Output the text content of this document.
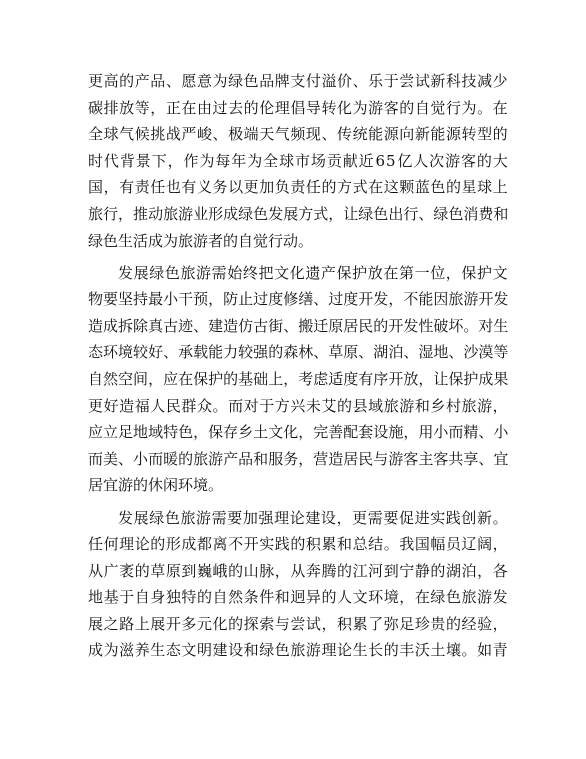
更 高 的 产 品 、 愿 意 为 绿 色 品 牌 支 付 溢 价 、 乐 于 尝 试 新 科 技 减 少
碳 排 放 等 ， 正 在 由 过 去 的 伦 理 倡 导 转 化 为 游 客 的 自 觉 行 为 。 在
全 球 气 候 挑 战 严 峻 、 极 端 天 气 频 现 、 传 统 能 源 向 新 能 源 转 型 的
时 代 背 景 下 ， 作 为 每 年 为 全 球 市 场 贡 献 近 6 5 亿 人 次 游 客 的 大
国 ， 有 责 任 也 有 义 务 以 更 加 负 责 任 的 方 式 在 这 颗 蓝 色 的 星 球 上
旅 行 ， 推 动 旅 游 业 形 成 绿 色 发 展 方 式 ， 让 绿 色 出 行 、 绿 色 消 费 和
绿色生活成为旅游者的自觉行动。
发 展 绿 色 旅 游 需 始 终 把 文 化 遗 产 保 护 放 在 第 一 位 ， 保 护 文
物 要 坚 持 最 小 干 预 ， 防 止 过 度 修 缮 、 过 度 开 发 ， 不 能 因 旅 游 开 发
造 成 拆 除 真 古 迹 、 建 造 仿 古 街 、 搬 迁 原 居 民 的 开 发 性 破 坏 。 对 生
态 环 境 较 好 、 承 载 能 力 较 强 的 森 林 、 草 原 、 湖 泊 、 湿 地 、 沙 漠 等
自 然 空 间 ， 应 在 保 护 的 基 础 上 ， 考 虑 适 度 有 序 开 放 ， 让 保 护 成 果
更 好 造 福 人 民 群 众 。 而 对 于 方 兴 未 艾 的 县 域 旅 游 和 乡 村 旅 游 ，
应 立 足 地 域 特 色 ， 保 存 乡 土 文 化 ， 完 善 配 套 设 施 ， 用 小 而 精 、 小
而 美 、 小 而 暖 的 旅 游 产 品 和 服 务 ， 营 造 居 民 与 游 客 主 客 共 享 、 宜
居宜游的休闲环境。
发 展 绿 色 旅 游 需 要 加 强 理 论 建 设 ， 更 需 要 促 进 实 践 创 新 。
任 何 理 论 的 形 成 都 离 不 开 实 践 的 积 累 和 总 结 。 我 国 幅 员 辽 阔 ，
从 广 袤 的 草 原 到 巍 峨 的 山 脉 ， 从 奔 腾 的 江 河 到 宁 静 的 湖 泊 ， 各
地 基 于 自 身 独 特 的 自 然 条 件 和 迥 异 的 人 文 环 境 ， 在 绿 色 旅 游 发
展 之 路 上 展 开 多 元 化 的 探 索 与 尝 试 ， 积 累 了 弥 足 珍 贵 的 经 验 ，
成 为 滋 养 生 态 文 明 建 设 和 绿 色 旅 游 理 论 生 长 的 丰 沃 土 壤 。 如 青
